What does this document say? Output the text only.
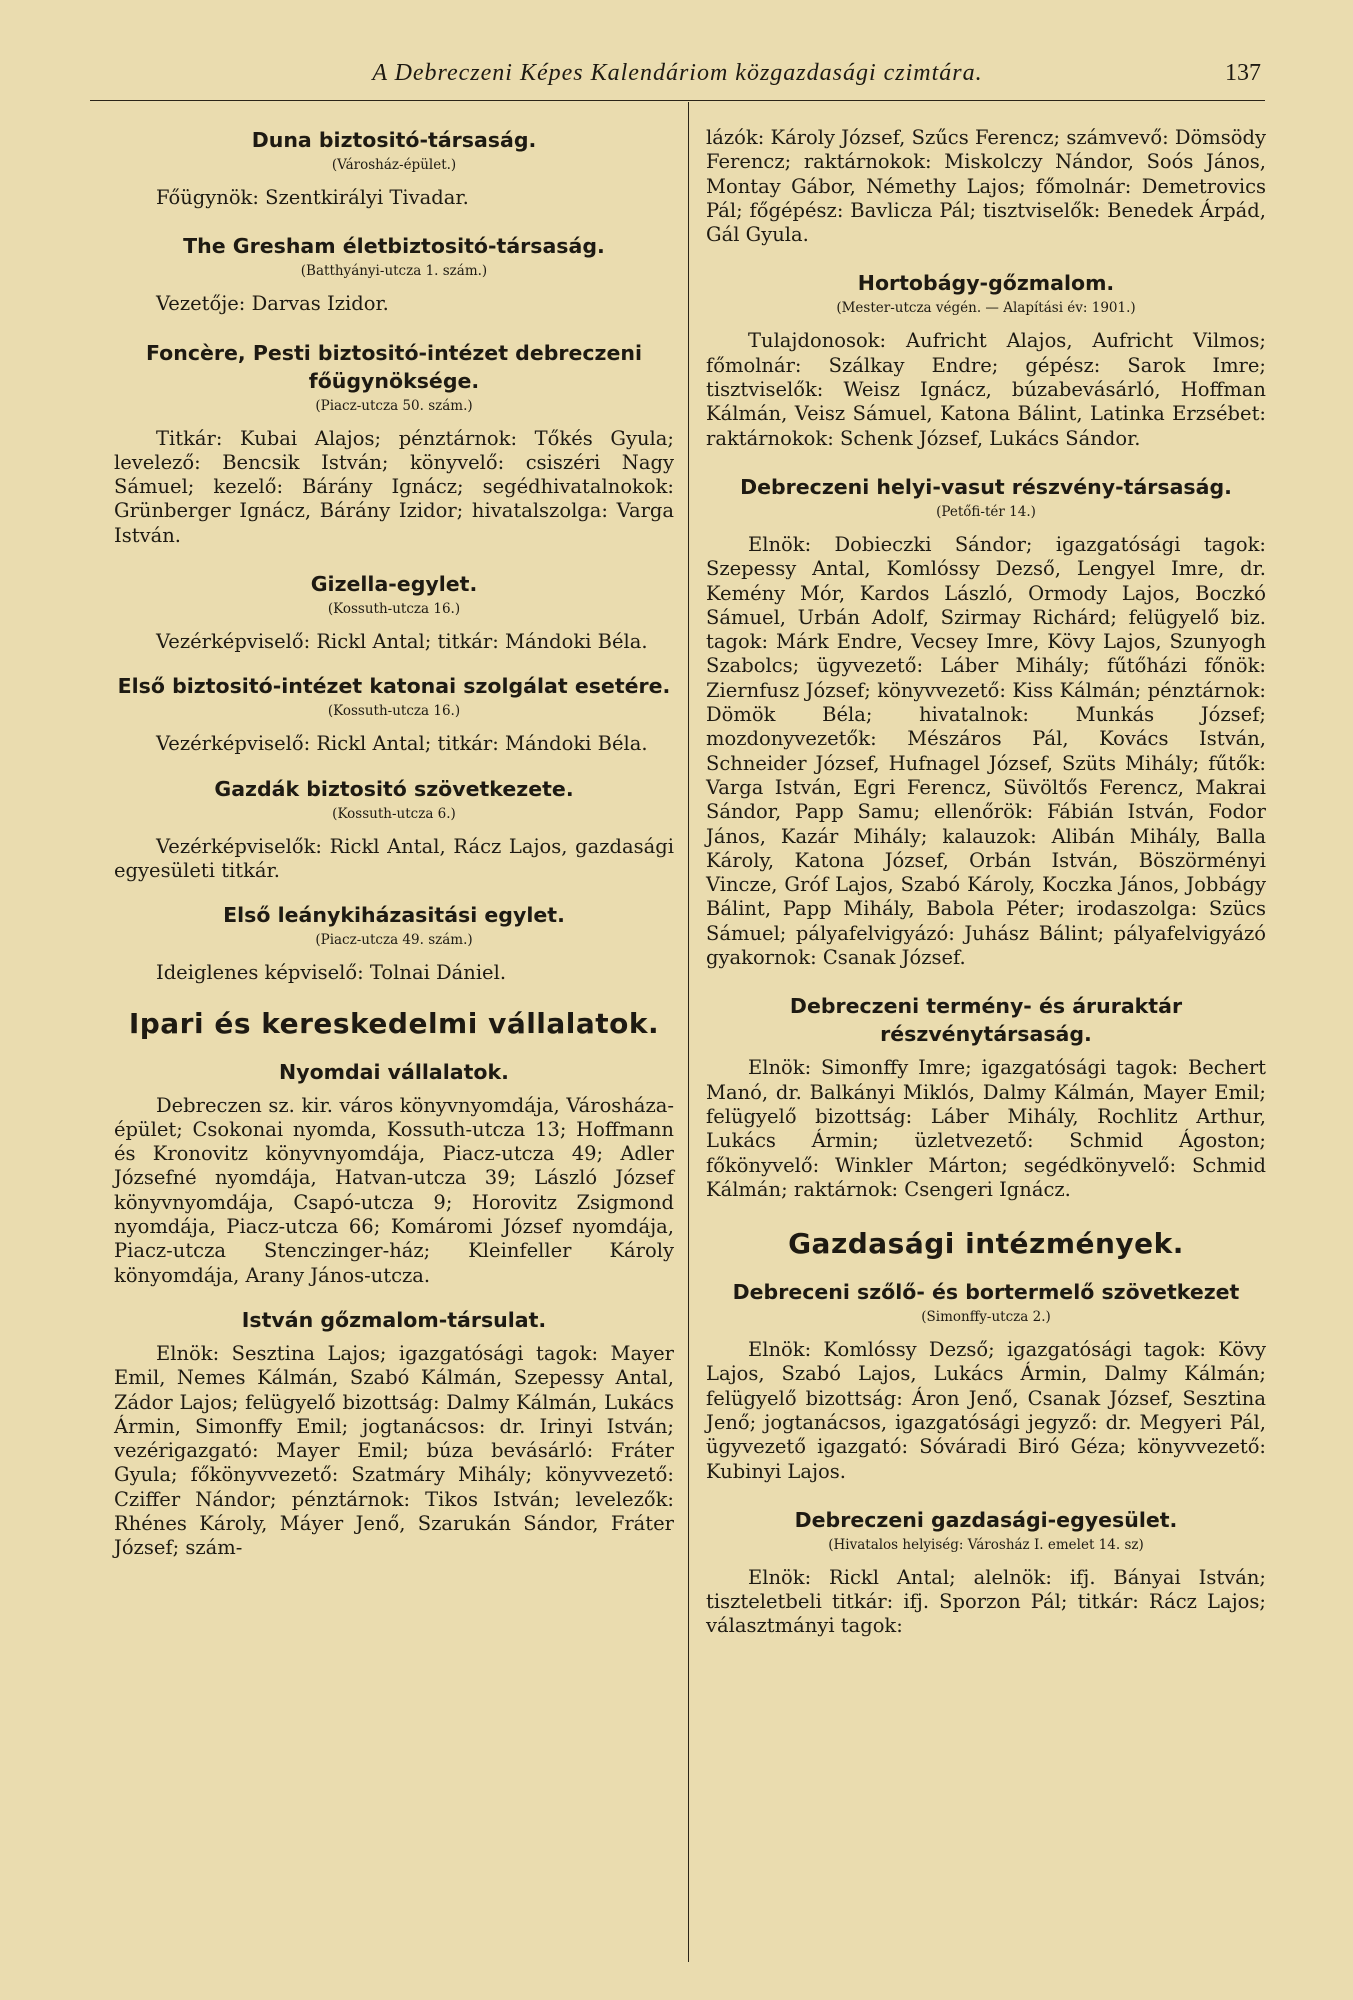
A Debreczeni Képes Kalendáriom közgazdasági czimtára.	137

Duna biztositó-társaság.

(Városház-épület.)

Főügynök: Szentkirályi Tivadar.

The Gresham életbiztositó-társaság.

(Batthyányi-utcza 1. szám.)

Vezetője: Darvas Izidor.

Foncère, Pesti biztositó-intézet debreczeni főügynöksége.

(Piacz-utcza 50. szám.)

Titkár: Kubai Alajos; pénztárnok: Tőkés Gyula; levelező: Bencsik István; könyvelő: csiszéri Nagy Sámuel; kezelő: Bárány Ignácz; segédhivatalnokok: Grünberger Ignácz, Bárány Izidor; hivatalszolga: Varga István.

Gizella-egylet.

(Kossuth-utcza 16.)

Vezérképviselő: Rickl Antal; titkár: Mándoki Béla.

Első biztositó-intézet katonai szolgálat esetére.

(Kossuth-utcza 16.)

Vezérképviselő: Rickl Antal; titkár: Mándoki Béla.

Gazdák biztositó szövetkezete.

(Kossuth-utcza 6.)

Vezérképviselők: Rickl Antal, Rácz Lajos, gazdasági egyesületi titkár.

Első leánykiházasitási egylet.

(Piacz-utcza 49. szám.)

Ideiglenes képviselő: Tolnai Dániel.

Ipari és kereskedelmi vállalatok.

Nyomdai vállalatok.

Debreczen sz. kir. város könyvnyomdája, Városháza-épület; Csokonai nyomda, Kossuth-utcza 13; Hoffmann és Kronovitz könyvnyomdája, Piacz-utcza 49; Adler Józsefné nyomdája, Hatvan-utcza 39; László József könyvnyomdája, Csapó-utcza 9; Horovitz Zsigmond nyomdája, Piacz-utcza 66; Komáromi József nyomdája, Piacz-utcza Stenczinger-ház; Kleinfeller Károly könyomdája, Arany János-utcza.

István gőzmalom-társulat.

Elnök: Sesztina Lajos; igazgatósági tagok: Mayer Emil, Nemes Kálmán, Szabó Kálmán, Szepessy Antal, Zádor Lajos; felügyelő bizottság: Dalmy Kálmán, Lukács Ármin, Simonffy Emil; jogtanácsos: dr. Irinyi István; vezérigazgató: Mayer Emil; búza bevásárló: Fráter Gyula; főkönyvvezető: Szatmáry Mihály; könyvvezető: Cziffer Nándor; pénztárnok: Tikos István; levelezők: Rhénes Károly, Máyer Jenő, Szarukán Sándor, Fráter József; szám-

lázók: Károly József, Szűcs Ferencz; számvevő: Dömsödy Ferencz; raktárnokok: Miskolczy Nándor, Soós János, Montay Gábor, Némethy Lajos; főmolnár: Demetrovics Pál; főgépész: Bavlicza Pál; tisztviselők: Benedek Árpád, Gál Gyula.

Hortobágy-gőzmalom.

(Mester-utcza végén. — Alapítási év: 1901.)

Tulajdonosok: Aufricht Alajos, Aufricht Vilmos; főmolnár: Szálkay Endre; gépész: Sarok Imre; tisztviselők: Weisz Ignácz, búzabevásárló, Hoffman Kálmán, Veisz Sámuel, Katona Bálint, Latinka Erzsébet: raktárnokok: Schenk József, Lukács Sándor.

Debreczeni helyi-vasut részvény-társaság.

(Petőfi-tér 14.)

Elnök: Dobieczki Sándor; igazgatósági tagok: Szepessy Antal, Komlóssy Dezső, Lengyel Imre, dr. Kemény Mór, Kardos László, Ormody Lajos, Boczkó Sámuel, Urbán Adolf, Szirmay Richárd; felügyelő biz. tagok: Márk Endre, Vecsey Imre, Kövy Lajos, Szunyogh Szabolcs; ügyvezető: Láber Mihály; fűtőházi főnök: Ziernfusz József; könyvvezető: Kiss Kálmán; pénztárnok: Dömök Béla; hivatalnok: Munkás József; mozdonyvezetők: Mészáros Pál, Kovács István, Schneider József, Hufnagel József, Szüts Mihály; fűtők: Varga István, Egri Ferencz, Süvöltős Ferencz, Makrai Sándor, Papp Samu; ellenőrök: Fábián István, Fodor János, Kazár Mihály; kalauzok: Alibán Mihály, Balla Károly, Katona József, Orbán István, Böszörményi Vincze, Gróf Lajos, Szabó Károly, Koczka János, Jobbágy Bálint, Papp Mihály, Babola Péter; irodaszolga: Szücs Sámuel; pályafelvigyázó: Juhász Bálint; pályafelvigyázó gyakornok: Csanak József.

Debreczeni termény- és áruraktár részvénytársaság.

Elnök: Simonffy Imre; igazgatósági tagok: Bechert Manó, dr. Balkányi Miklós, Dalmy Kálmán, Mayer Emil; felügyelő bizottság: Láber Mihály, Rochlitz Arthur, Lukács Ármin; üzletvezető: Schmid Ágoston; főkönyvelő: Winkler Márton; segédkönyvelő: Schmid Kálmán; raktárnok: Csengeri Ignácz.

Gazdasági intézmények.

Debreceni szőlő- és bortermelő szövetkezet

(Simonffy-utcza 2.)

Elnök: Komlóssy Dezső; igazgatósági tagok: Kövy Lajos, Szabó Lajos, Lukács Ármin, Dalmy Kálmán; felügyelő bizottság: Áron Jenő, Csanak József, Sesztina Jenő; jogtanácsos, igazgatósági jegyző: dr. Megyeri Pál, ügyvezető igazgató: Sóváradi Biró Géza; könyvvezető: Kubinyi Lajos.

Debreczeni gazdasági-egyesület.

(Hivatalos helyiség: Városház I. emelet 14. sz)

Elnök: Rickl Antal; alelnök: ifj. Bányai István; tiszteletbeli titkár: ifj. Sporzon Pál; titkár: Rácz Lajos; választmányi tagok:
